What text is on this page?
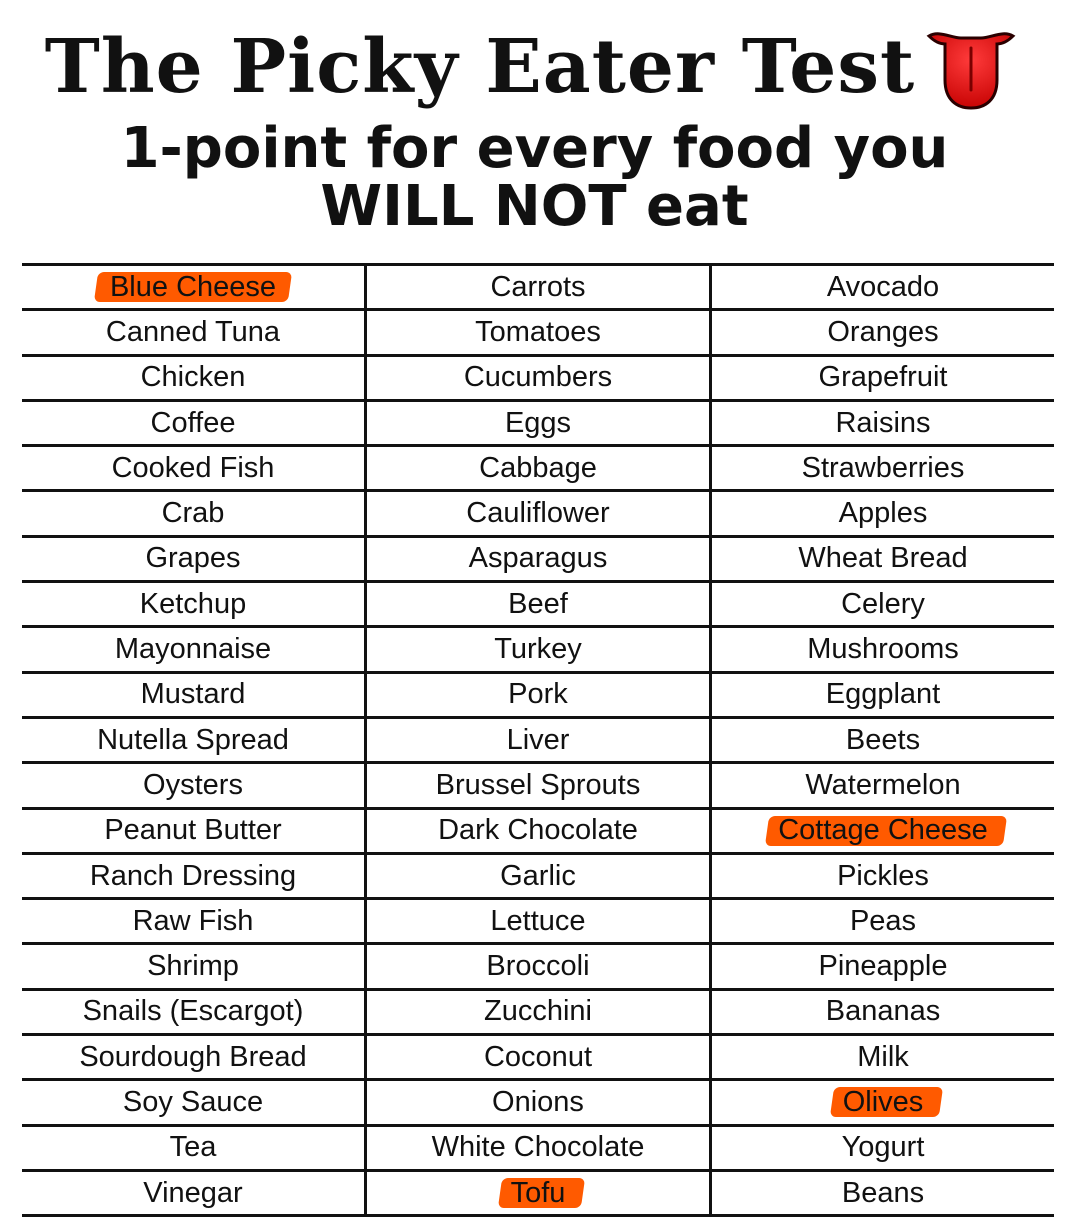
The Picky Eater Test
1-point for every food you
WILL NOT eat
Blue Cheese	Carrots	Avocado
Canned Tuna	Tomatoes	Oranges
Chicken	Cucumbers	Grapefruit
Coffee	Eggs	Raisins
Cooked Fish	Cabbage	Strawberries
Crab	Cauliflower	Apples
Grapes	Asparagus	Wheat Bread
Ketchup	Beef	Celery
Mayonnaise	Turkey	Mushrooms
Mustard	Pork	Eggplant
Nutella Spread	Liver	Beets
Oysters	Brussel Sprouts	Watermelon
Peanut Butter	Dark Chocolate	Cottage Cheese
Ranch Dressing	Garlic	Pickles
Raw Fish	Lettuce	Peas
Shrimp	Broccoli	Pineapple
Snails (Escargot)	Zucchini	Bananas
Sourdough Bread	Coconut	Milk
Soy Sauce	Onions	Olives
Tea	White Chocolate	Yogurt
Vinegar	Tofu	Beans
